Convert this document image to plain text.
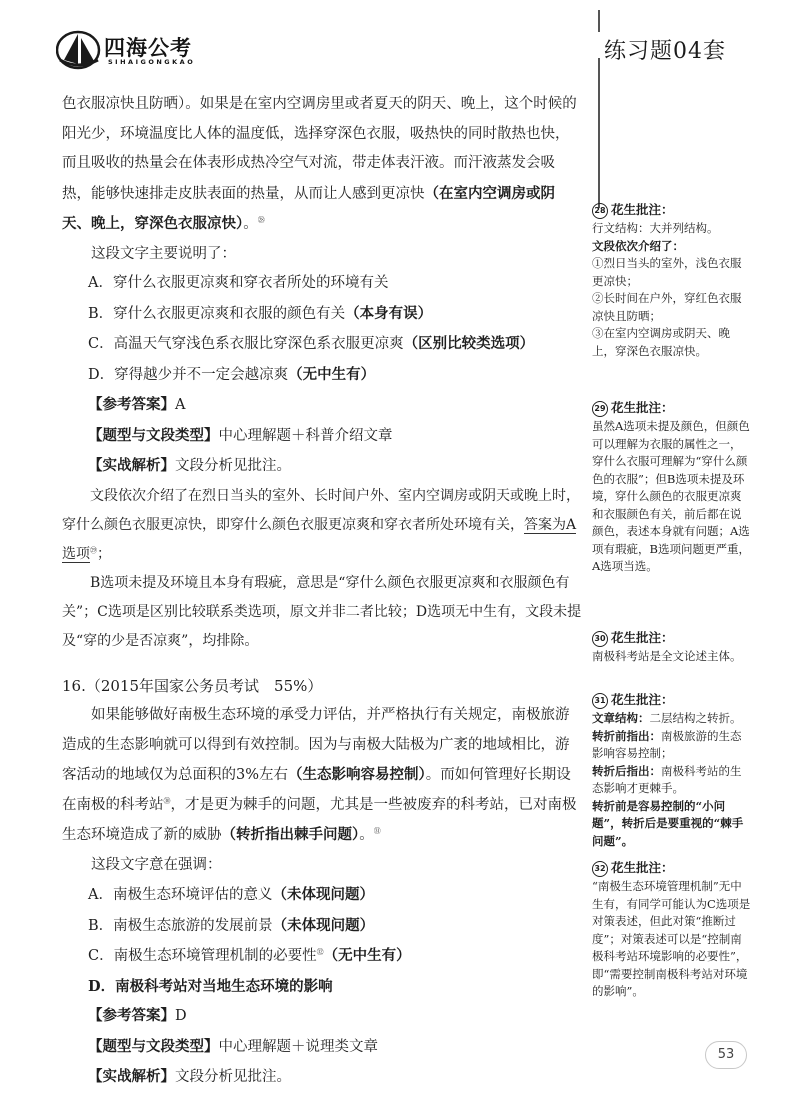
四海公考
SIHAIGONGKAO	练习题04套

色衣服凉快且防晒）。如果是在室内空调房里或者夏天的阴天、晚上，这个时候的阳光少，环境温度比人体的温度低，选择穿深色衣服，吸热快的同时散热也快，而且吸收的热量会在体表形成热冷空气对流，带走体表汗液。而汗液蒸发会吸热，能够快速排走皮肤表面的热量，从而让人感到更凉快（在室内空调房或阴天、晚上，穿深色衣服凉快）。$^㉘$

这段文字主要说明了：

A．穿什么衣服更凉爽和穿衣者所处的环境有关

B．穿什么衣服更凉爽和衣服的颜色有关（本身有误）

C．高温天气穿浅色系衣服比穿深色系衣服更凉爽（区别比较类选项）

D．穿得越少并不一定会越凉爽（无中生有）

【参考答案】A

【题型与文段类型】中心理解题＋科普介绍文章

【实战解析】文段分析见批注。

文段依次介绍了在烈日当头的室外、长时间户外、室内空调房或阴天或晚上时，穿什么颜色衣服更凉快，即穿什么颜色衣服更凉爽和穿衣者所处环境有关，答案为A选项$^㉙$；

B选项未提及环境且本身有瑕疵，意思是“穿什么颜色衣服更凉爽和衣服颜色有关”；C选项是区别比较联系类选项，原文并非二者比较；D选项无中生有，文段未提及“穿的少是否凉爽”，均排除。

16.（2015年国家公务员考试　55%）

如果能够做好南极生态环境的承受力评估，并严格执行有关规定，南极旅游造成的生态影响就可以得到有效控制。因为与南极大陆极为广袤的地域相比，游客活动的地域仅为总面积的3%左右（生态影响容易控制）。而如何管理好长期设在南极的科考站$^㉚$，才是更为棘手的问题，尤其是一些被废弃的科考站，已对南极生态环境造成了新的威胁（转折指出棘手问题）。$^㉛$

这段文字意在强调：

A．南极生态环境评估的意义（未体现问题）

B．南极生态旅游的发展前景（未体现问题）

C．南极生态环境管理机制的必要性$^㉜$（无中生有）

D．南极科考站对当地生态环境的影响

【参考答案】D

【题型与文段类型】中心理解题＋说理类文章

【实战解析】文段分析见批注。

28 花生批注：

行文结构：大并列结构。

文段依次介绍了：

①烈日当头的室外，浅色衣服更凉快；

②长时间在户外，穿红色衣服凉快且防晒；

③在室内空调房或阴天、晚上，穿深色衣服凉快。

29 花生批注：

虽然A选项未提及颜色，但颜色可以理解为衣服的属性之一，穿什么衣服可理解为“穿什么颜色的衣服”；但B选项未提及环境，穿什么颜色的衣服更凉爽和衣服颜色有关，前后都在说颜色，表述本身就有问题；A选项有瑕疵，B选项问题更严重，A选项当选。

30 花生批注：

南极科考站是全文论述主体。

31 花生批注：

文章结构：二层结构之转折。

转折前指出：南极旅游的生态影响容易控制；

转折后指出：南极科考站的生态影响才更棘手。

转折前是容易控制的“小问题”，转折后是要重视的“棘手问题”。

32 花生批注：

“南极生态环境管理机制”无中生有，有同学可能认为C选项是对策表述，但此对策“推断过度”；对策表述可以是“控制南极科考站环境影响的必要性”，即“需要控制南极科考站对环境的影响”。

53
